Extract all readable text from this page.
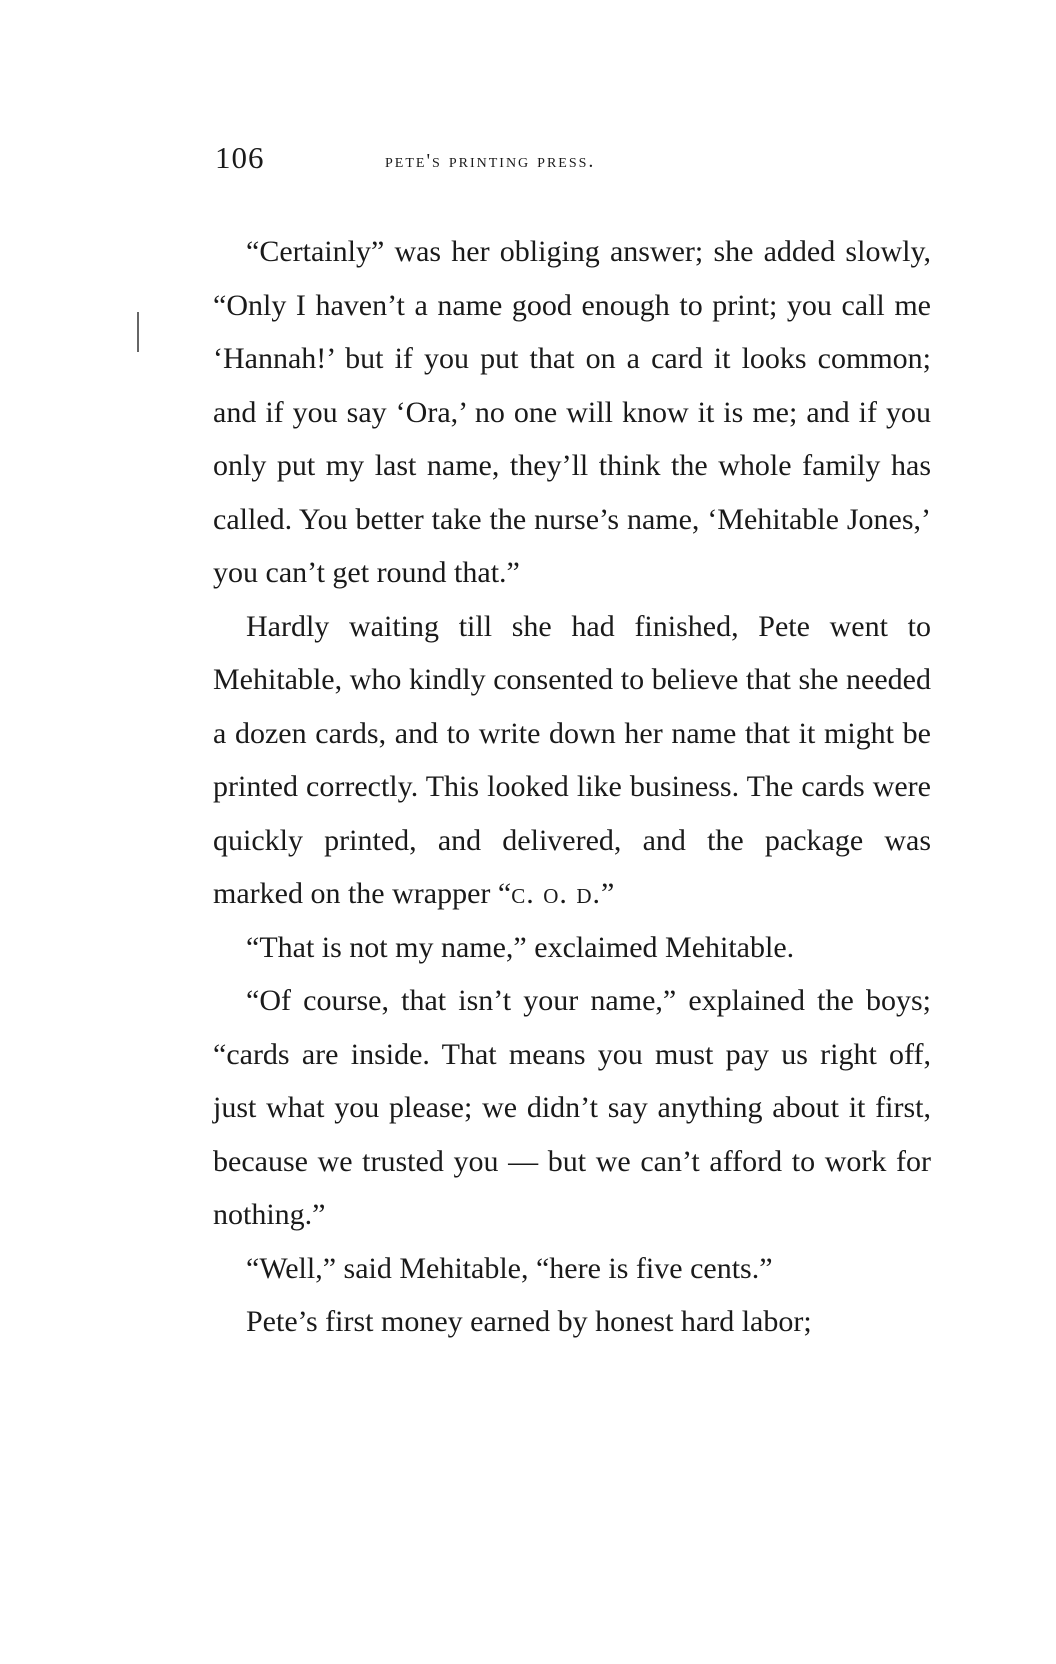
106	pete's printing press.

“Certainly” was her obliging answer; she added slowly, “Only I haven’t a name good enough to print; you call me ‘Hannah!’ but if you put that on a card it looks common; and if you say ‘Ora,’ no one will know it is me; and if you only put my last name, they’ll think the whole family has called. You better take the nurse’s name, ‘Mehitable Jones,’ you can’t get round that.”

Hardly waiting till she had finished, Pete went to Mehitable, who kindly consented to believe that she needed a dozen cards, and to write down her name that it might be printed correctly. This looked like business. The cards were quickly printed, and delivered, and the package was marked on the wrapper “c. o. d.”

“That is not my name,” exclaimed Mehitable.

“Of course, that isn’t your name,” explained the boys; “cards are inside. That means you must pay us right off, just what you please; we didn’t say anything about it first, because we trusted you — but we can’t afford to work for nothing.”

“Well,” said Mehitable, “here is five cents.”

Pete’s first money earned by honest hard labor;
